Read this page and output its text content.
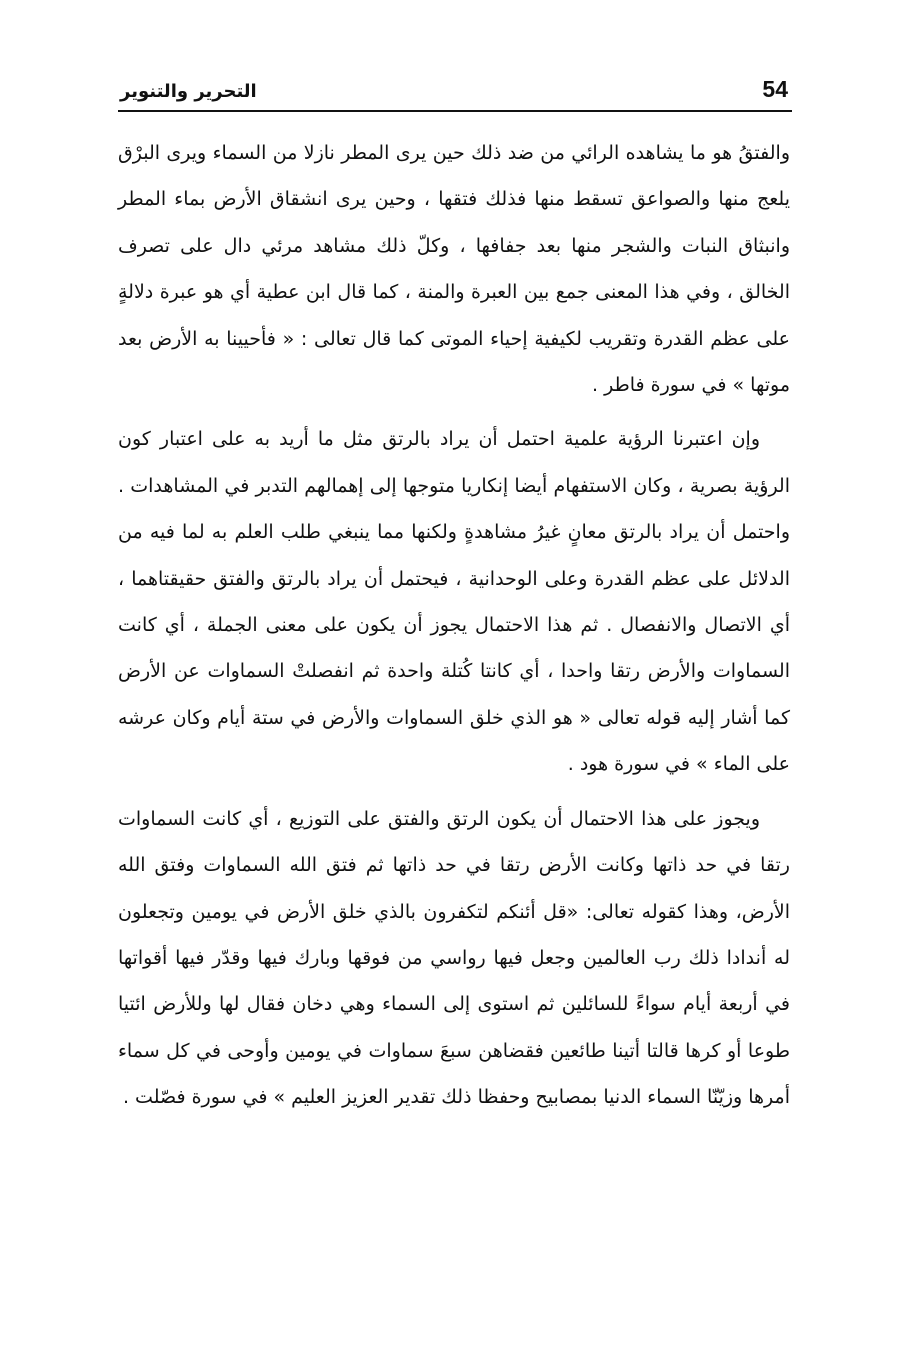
54
التحرير والتنوير

والفتقُ هو ما يشاهده الرائي من ضد ذلك حين يرى المطر نازلا من السماء ويرى البرْق يلعج منها والصواعق تسقط منها فذلك فتقها ، وحين يرى انشقاق الأرض بماء المطر وانبثاق النبات والشجر منها بعد جفافها ، وكلّ ذلك مشاهد مرئي دال على تصرف الخالق ، وفي هذا المعنى جمع بين العبرة والمنة ، كما قال ابن عطية أي هو عبرة دلالةٍ على عظم القدرة وتقريب لكيفية إحياء الموتى كما قال تعالى : « فأحيينا به الأرض بعد موتها » في سورة فاطر .

وإن اعتبرنا الرؤية علمية احتمل أن يراد بالرتق مثل ما أريد به على اعتبار كون الرؤية بصرية ، وكان الاستفهام أيضا إنكاريا متوجها إلى إهمالهم التدبر في المشاهدات . واحتمل أن يراد بالرتق معانٍ غيرُ مشاهدةٍ ولكنها مما ينبغي طلب العلم به لما فيه من الدلائل على عظم القدرة وعلى الوحدانية ، فيحتمل أن يراد بالرتق والفتق حقيقتاهما ، أي الاتصال والانفصال . ثم هذا الاحتمال يجوز أن يكون على معنى الجملة ، أي كانت السماوات والأرض رتقا واحدا ، أي كانتا كُتلة واحدة ثم انفصلتْ السماوات عن الأرض كما أشار إليه قوله تعالى « هو الذي خلق السماوات والأرض في ستة أيام وكان عرشه على الماء » في سورة هود .

ويجوز على هذا الاحتمال أن يكون الرتق والفتق على التوزيع ، أي كانت السماوات رتقا في حد ذاتها وكانت الأرض رتقا في حد ذاتها ثم فتق الله السماوات وفتق الله الأرض، وهذا كقوله تعالى: «قل أئنكم لتكفرون بالذي خلق الأرض في يومين وتجعلون له أندادا ذلك رب العالمين وجعل فيها رواسي من فوقها وبارك فيها وقدّر فيها أقواتها في أربعة أيام سواءً للسائلين ثم استوى إلى السماء وهي دخان فقال لها وللأرض ائتيا طوعا أو كرها قالتا أتينا طائعين فقضاهن سبعَ سماوات في يومين وأوحى في كل سماء أمرها وزيّنّا السماء الدنيا بمصابيح وحفظا ذلك تقدير العزيز العليم » في سورة فصّلت .
